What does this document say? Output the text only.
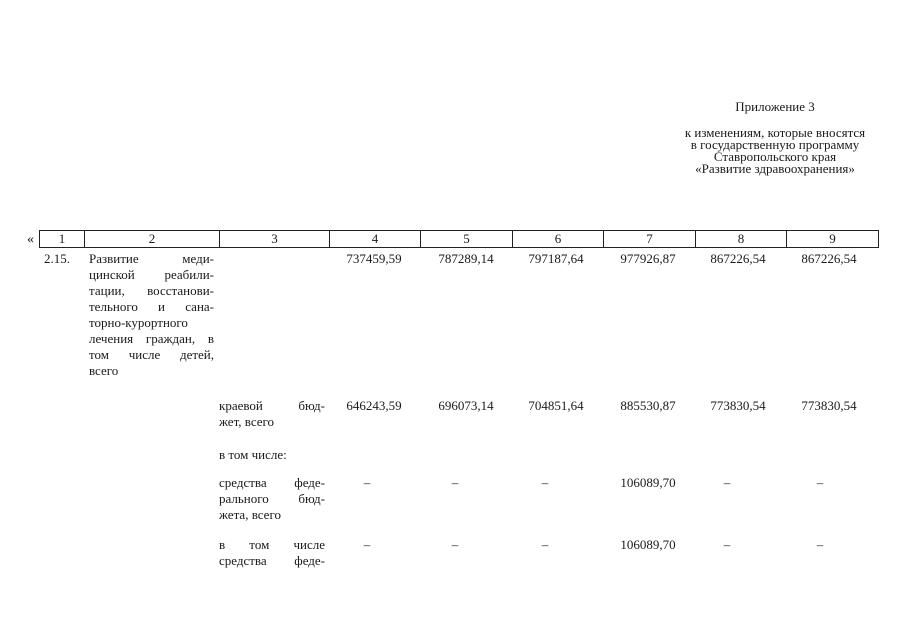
Приложение 3
к изменениям, которые вносятся
в государственную программу
Ставропольского края
«Развитие здравоохранения»
«	1	2	3	4	5	6	7	8	9
2.15.	Развитие меди-
цинской реабили-
тации, восстанови-
тельного и сана-
торно-курортного
лечения граждан, в
том числе детей,
всего
737459,59	787289,14	797187,64	977926,87	867226,54	867226,54
краевой бюд-
жет, всего
646243,59	696073,14	704851,64	885530,87	773830,54	773830,54
в том числе:
средства феде-
рального бюд-
жета, всего
–	–	–	106089,70	–	–
в том числе
средства феде-
–	–	–	106089,70	–	–
